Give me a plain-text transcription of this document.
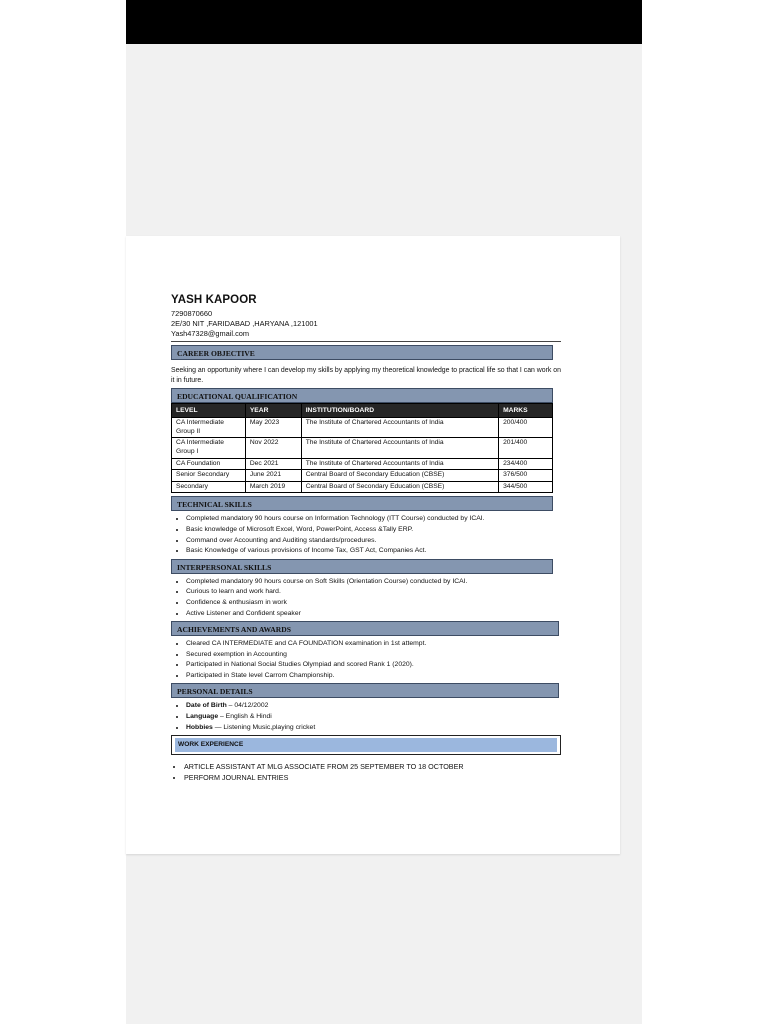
YASH KAPOOR
7290870660
2E/30 NIT ,FARIDABAD ,HARYANA ,121001
Yash47328@gmail.com
CAREER OBJECTIVE
Seeking an opportunity where I can develop my skills by applying my theoretical knowledge to practical life so that I can work on it in future.
EDUCATIONAL QUALIFICATION
LEVEL	YEAR	INSTITUTION/BOARD	MARKS
CA Intermediate Group II	May 2023	The Institute of Chartered Accountants of India	200/400
CA Intermediate Group I	Nov 2022	The Institute of Chartered Accountants of India	201/400
CA Foundation	Dec 2021	The Institute of Chartered Accountants of India	234/400
Senior Secondary	June 2021	Central Board of Secondary Education (CBSE)	376/500
Secondary	March 2019	Central Board of Secondary Education (CBSE)	344/500
TECHNICAL SKILLS
• Completed mandatory 90 hours course on Information Technology (ITT Course) conducted by ICAI.
• Basic knowledge of Microsoft Excel, Word, PowerPoint, Access &Tally ERP.
• Command over Accounting and Auditing standards/procedures.
• Basic Knowledge of various provisions of Income Tax, GST Act, Companies Act.
INTERPERSONAL SKILLS
• Completed mandatory 90 hours course on Soft Skills (Orientation Course) conducted by ICAI.
• Curious to learn and work hard.
• Confidence & enthusiasm in work
• Active Listener and Confident speaker
ACHIEVEMENTS AND AWARDS
• Cleared CA INTERMEDIATE and CA FOUNDATION examination in 1st attempt.
• Secured exemption in Accounting
• Participated in National Social Studies Olympiad and scored Rank 1 (2020).
• Participated in State level Carrom Championship.
PERSONAL DETAILS
• Date of Birth – 04/12/2002
• Language – English & Hindi
• Hobbies — Listening Music,playing cricket
WORK EXPERIENCE
• ARTICLE ASSISTANT AT MLG ASSOCIATE FROM 25 SEPTEMBER TO 18 OCTOBER
• PERFORM JOURNAL ENTRIES
